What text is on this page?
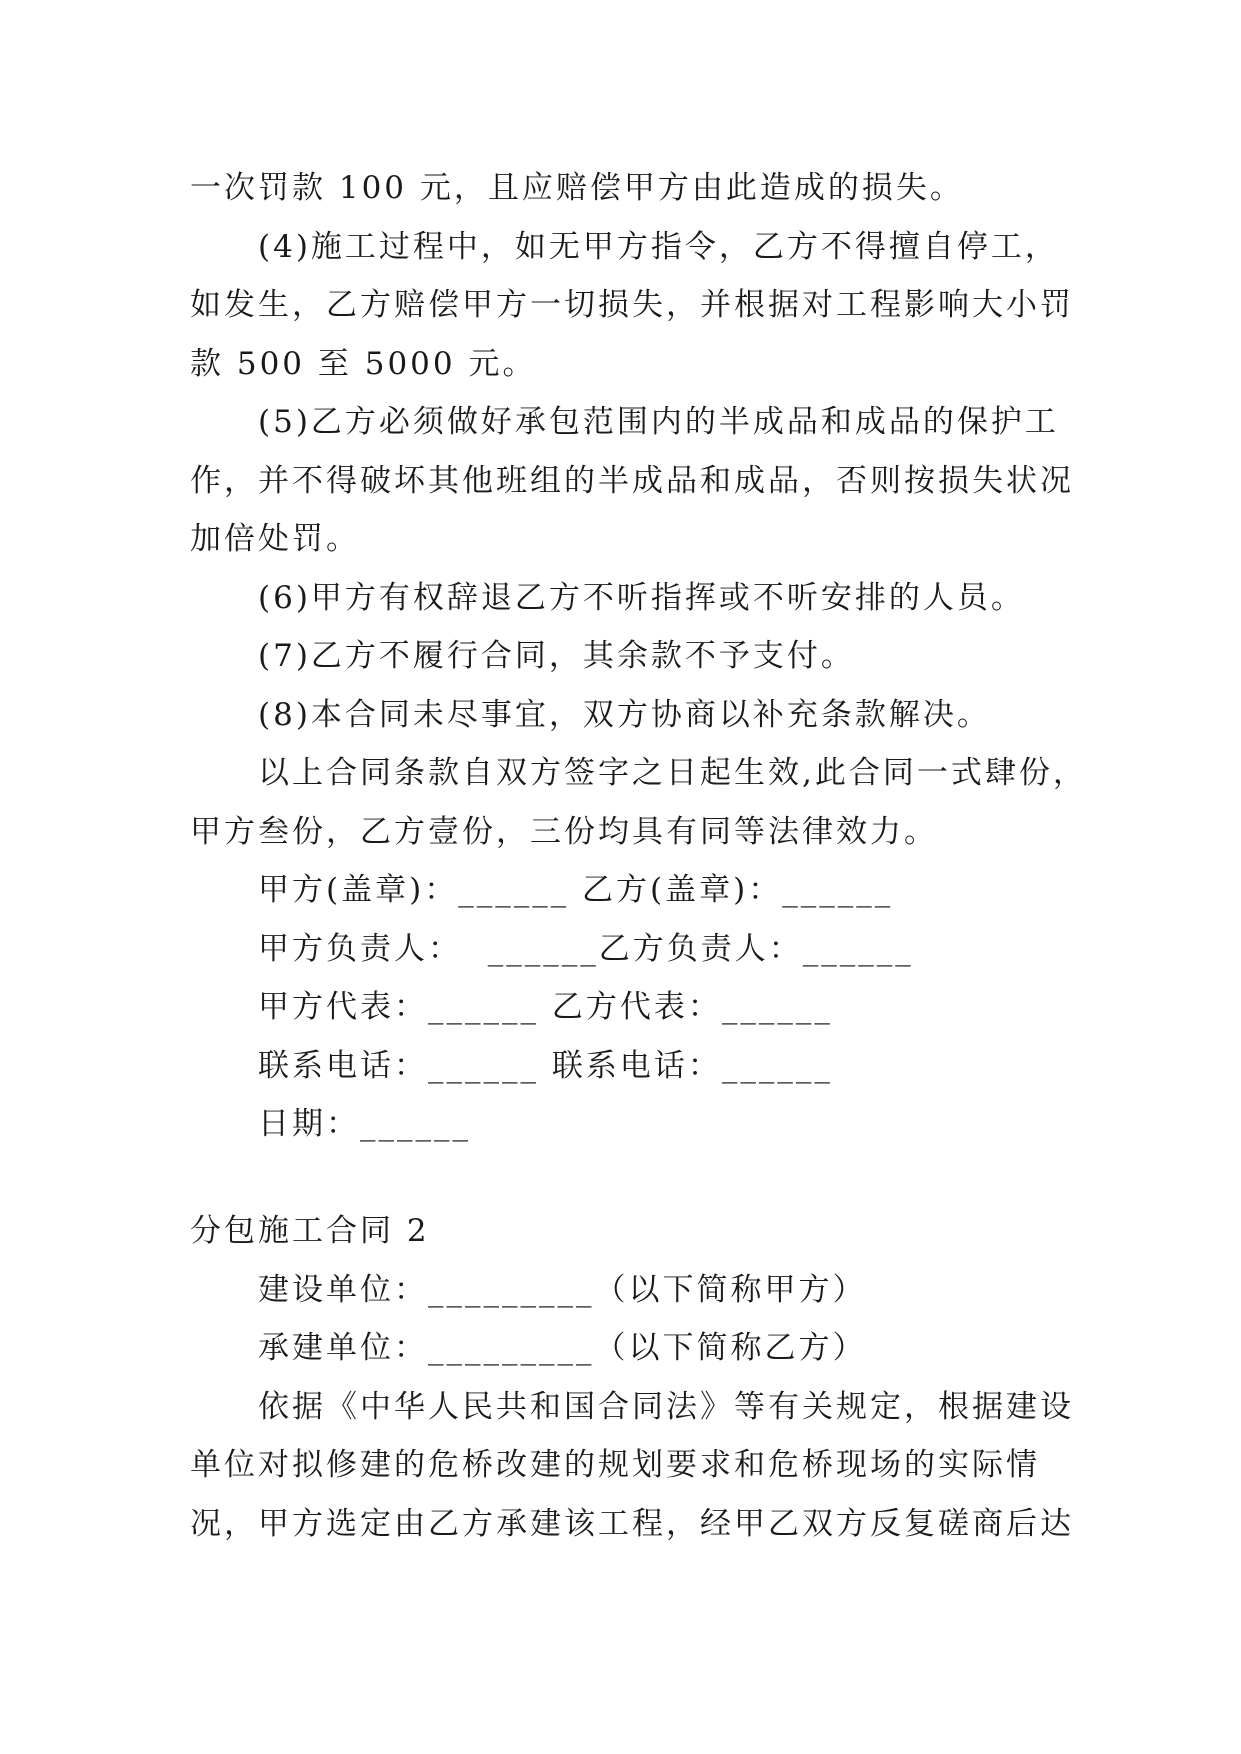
一次罚款 100 元，且应赔偿甲方由此造成的损失。
(4)施工过程中，如无甲方指令，乙方不得擅自停工，
如发生，乙方赔偿甲方一切损失，并根据对工程影响大小罚
款 500 至 5000 元。
(5)乙方必须做好承包范围内的半成品和成品的保护工
作，并不得破坏其他班组的半成品和成品，否则按损失状况
加倍处罚。
(6)甲方有权辞退乙方不听指挥或不听安排的人员。
(7)乙方不履行合同，其余款不予支付。
(8)本合同未尽事宜，双方协商以补充条款解决。
以上合同条款自双方签字之日起生效,此合同一式肆份，
甲方叁份，乙方壹份，三份均具有同等法律效力。
甲方(盖章)：______ 乙方(盖章)：______
甲方负责人：  ______乙方负责人：______
甲方代表：______ 乙方代表：______
联系电话：______ 联系电话：______
日期：______
分包施工合同 2
建设单位：_________（以下简称甲方）
承建单位：_________（以下简称乙方）
依据《中华人民共和国合同法》等有关规定，根据建设
单位对拟修建的危桥改建的规划要求和危桥现场的实际情
况，甲方选定由乙方承建该工程，经甲乙双方反复磋商后达
